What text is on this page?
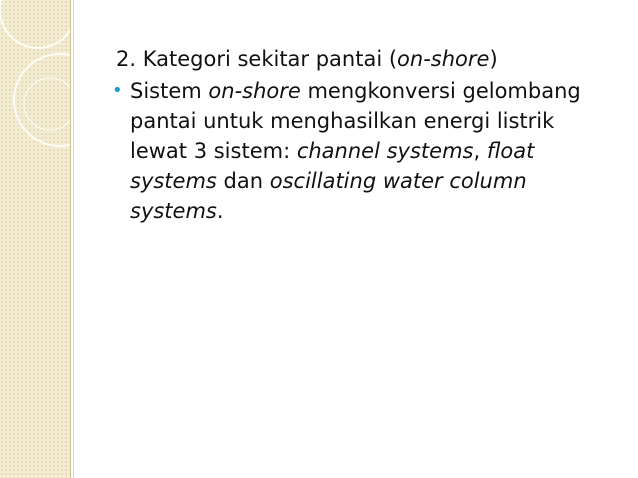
2. Kategori sekitar pantai (on-shore)
• Sistem on-shore mengkonversi gelombang pantai untuk menghasilkan energi listrik lewat 3 sistem: channel systems, float systems dan oscillating water column systems.
